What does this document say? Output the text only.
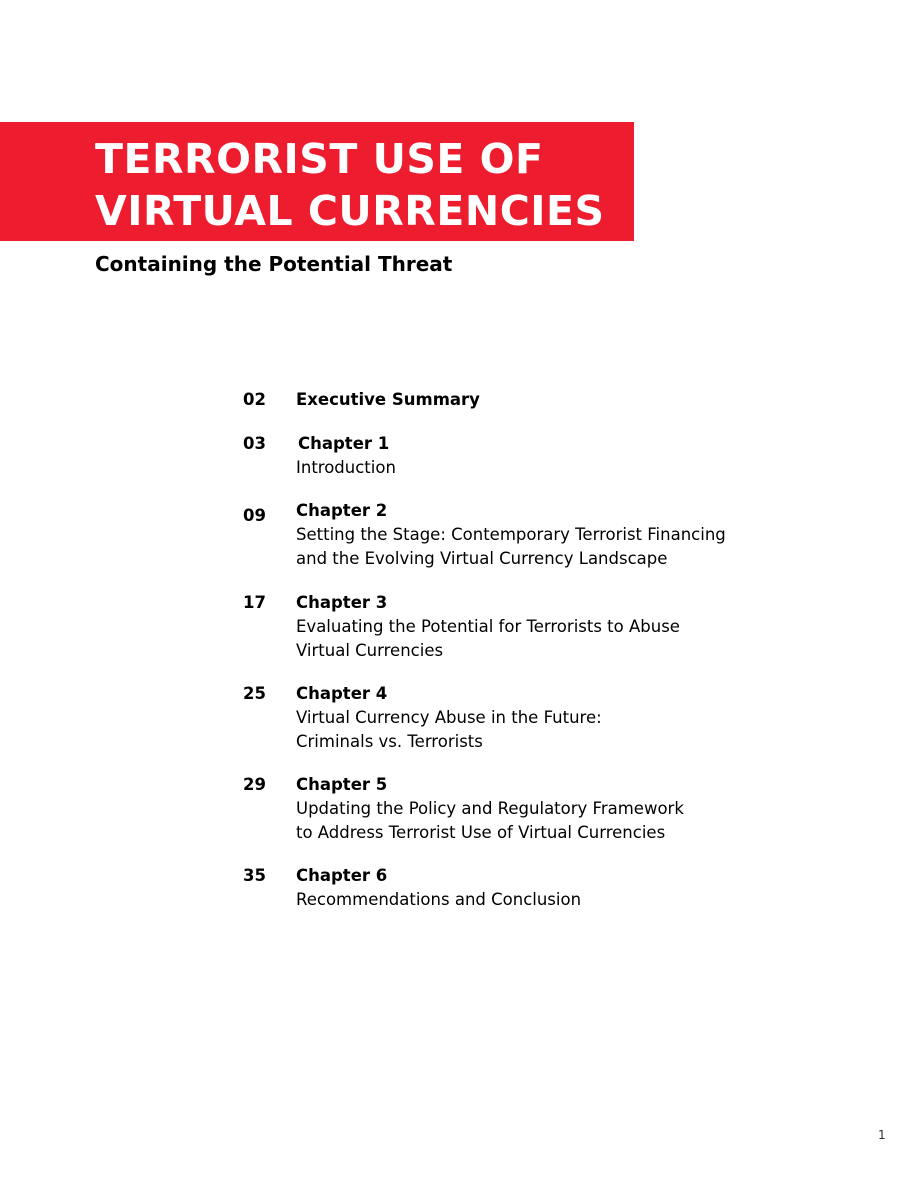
TERRORIST USE OF
VIRTUAL CURRENCIES
Containing the Potential Threat
02	Executive Summary
03	Chapter 1
Introduction
09	Chapter 2
Setting the Stage: Contemporary Terrorist Financing
and the Evolving Virtual Currency Landscape
17	Chapter 3
Evaluating the Potential for Terrorists to Abuse
Virtual Currencies
25	Chapter 4
Virtual Currency Abuse in the Future:
Criminals vs. Terrorists
29	Chapter 5
Updating the Policy and Regulatory Framework
to Address Terrorist Use of Virtual Currencies
35	Chapter 6
Recommendations and Conclusion
1
